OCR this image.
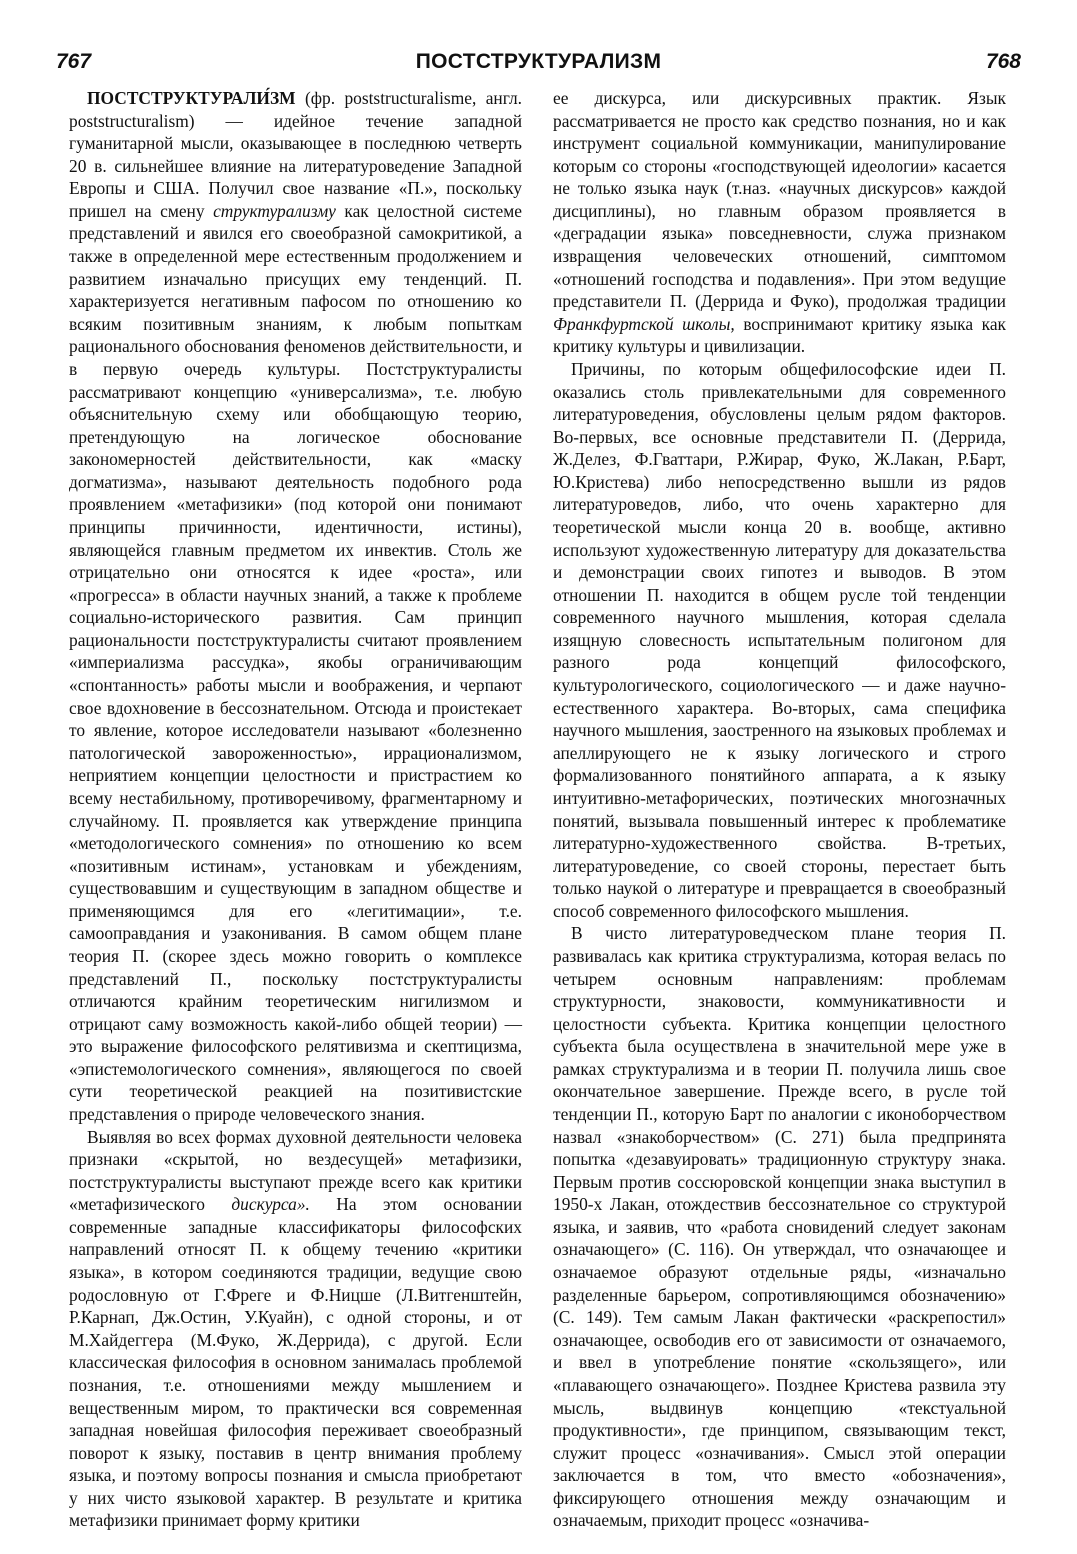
767	ПОСТСТРУКТУРАЛИЗМ	768

ПОСТСТРУКТУРАЛИ́ЗМ (фр. poststructuralisme, англ. poststructuralism) — идейное течение западной гуманитарной мысли, оказывающее в последнюю четверть 20 в. сильнейшее влияние на литературоведение Западной Европы и США. Получил свое название «П.», поскольку пришел на смену структурализму как целостной системе представлений и явился его своеобразной самокритикой, а также в определенной мере естественным продолжением и развитием изначально присущих ему тенденций. П. характеризуется негативным пафосом по отношению ко всяким позитивным знаниям, к любым попыткам рационального обоснования феноменов действительности, и в первую очередь культуры. Постструктуралисты рассматривают концепцию «универсализма», т.е. любую объяснительную схему или обобщающую теорию, претендующую на логическое обоснование закономерностей действительности, как «маску догматизма», называют деятельность подобного рода проявлением «метафизики» (под которой они понимают принципы причинности, идентичности, истины), являющейся главным предметом их инвектив. Столь же отрицательно они относятся к идее «роста», или «прогресса» в области научных знаний, а также к проблеме социально-исторического развития. Сам принцип рациональности постструктуралисты считают проявлением «империализма рассудка», якобы ограничивающим «спонтанность» работы мысли и воображения, и черпают свое вдохновение в бессознательном. Отсюда и проистекает то явление, которое исследователи называют «болезненно патологической завороженностью», иррационализмом, неприятием концепции целостности и пристрастием ко всему нестабильному, противоречивому, фрагментарному и случайному. П. проявляется как утверждение принципа «методологического сомнения» по отношению ко всем «позитивным истинам», установкам и убеждениям, существовавшим и существующим в западном обществе и применяющимся для его «легитимации», т.е. самооправдания и узаконивания. В самом общем плане теория П. (скорее здесь можно говорить о комплексе представлений П., поскольку постструктуралисты отличаются крайним теоретическим нигилизмом и отрицают саму возможность какой-либо общей теории) — это выражение философского релятивизма и скептицизма, «эпистемологического сомнения», являющегося по своей сути теоретической реакцией на позитивистские представления о природе человеческого знания.

Выявляя во всех формах духовной деятельности человека признаки «скрытой, но вездесущей» метафизики, постструктуралисты выступают прежде всего как критики «метафизического дискурса». На этом основании современные западные классификаторы философских направлений относят П. к общему течению «критики языка», в котором соединяются традиции, ведущие свою родословную от Г.Фреге и Ф.Ницше (Л.Витгенштейн, Р.Карнап, Дж.Остин, У.Куайн), с одной стороны, и от М.Хайдеггера (М.Фуко, Ж.Деррида), с другой. Если классическая философия в основном занималась проблемой познания, т.е. отношениями между мышлением и вещественным миром, то практически вся современная западная новейшая философия переживает своеобразный поворот к языку, поставив в центр внимания проблему языка, и поэтому вопросы познания и смысла приобретают у них чисто языковой характер. В результате и критика метафизики принимает форму критики

ее дискурса, или дискурсивных практик. Язык рассматривается не просто как средство познания, но и как инструмент социальной коммуникации, манипулирование которым со стороны «господствующей идеологии» касается не только языка наук (т.наз. «научных дискурсов» каждой дисциплины), но главным образом проявляется в «деградации языка» повседневности, служа признаком извращения человеческих отношений, симптомом «отношений господства и подавления». При этом ведущие представители П. (Деррида и Фуко), продолжая традиции Франкфуртской школы, воспринимают критику языка как критику культуры и цивилизации.

Причины, по которым общефилософские идеи П. оказались столь привлекательными для современного литературоведения, обусловлены целым рядом факторов. Во-первых, все основные представители П. (Деррида, Ж.Делез, Ф.Гваттари, Р.Жирар, Фуко, Ж.Лакан, Р.Барт, Ю.Кристева) либо непосредственно вышли из рядов литературоведов, либо, что очень характерно для теоретической мысли конца 20 в. вообще, активно используют художественную литературу для доказательства и демонстрации своих гипотез и выводов. В этом отношении П. находится в общем русле той тенденции современного научного мышления, которая сделала изящную словесность испытательным полигоном для разного рода концепций философского, культурологического, социологического — и даже научно-естественного характера. Во-вторых, сама специфика научного мышления, заостренного на языковых проблемах и апеллирующего не к языку логического и строго формализованного понятийного аппарата, а к языку интуитивно-метафорических, поэтических многозначных понятий, вызывала повышенный интерес к проблематике литературно-художественного свойства. В-третьих, литературоведение, со своей стороны, перестает быть только наукой о литературе и превращается в своеобразный способ современного философского мышления.

В чисто литературоведческом плане теория П. развивалась как критика структурализма, которая велась по четырем основным направлениям: проблемам структурности, знаковости, коммуникативности и целостности субъекта. Критика концепции целостного субъекта была осуществлена в значительной мере уже в рамках структурализма и в теории П. получила лишь свое окончательное завершение. Прежде всего, в русле той тенденции П., которую Барт по аналогии с иконоборчеством назвал «знакоборчеством» (С. 271) была предпринята попытка «дезавуировать» традиционную структуру знака. Первым против соссюровской концепции знака выступил в 1950-х Лакан, отождествив бессознательное со структурой языка, и заявив, что «работа сновидений следует законам означающего» (С. 116). Он утверждал, что означающее и означаемое образуют отдельные ряды, «изначально разделенные барьером, сопротивляющимся обозначению» (С. 149). Тем самым Лакан фактически «раскрепостил» означающее, освободив его от зависимости от означаемого, и ввел в употребление понятие «скользящего», или «плавающего означающего». Позднее Кристева развила эту мысль, выдвинув концепцию «текстуальной продуктивности», где принципом, связывающим текст, служит процесс «означивания». Смысл этой операции заключается в том, что вместо «обозначения», фиксирующего отношения между означающим и означаемым, приходит процесс «означива-
